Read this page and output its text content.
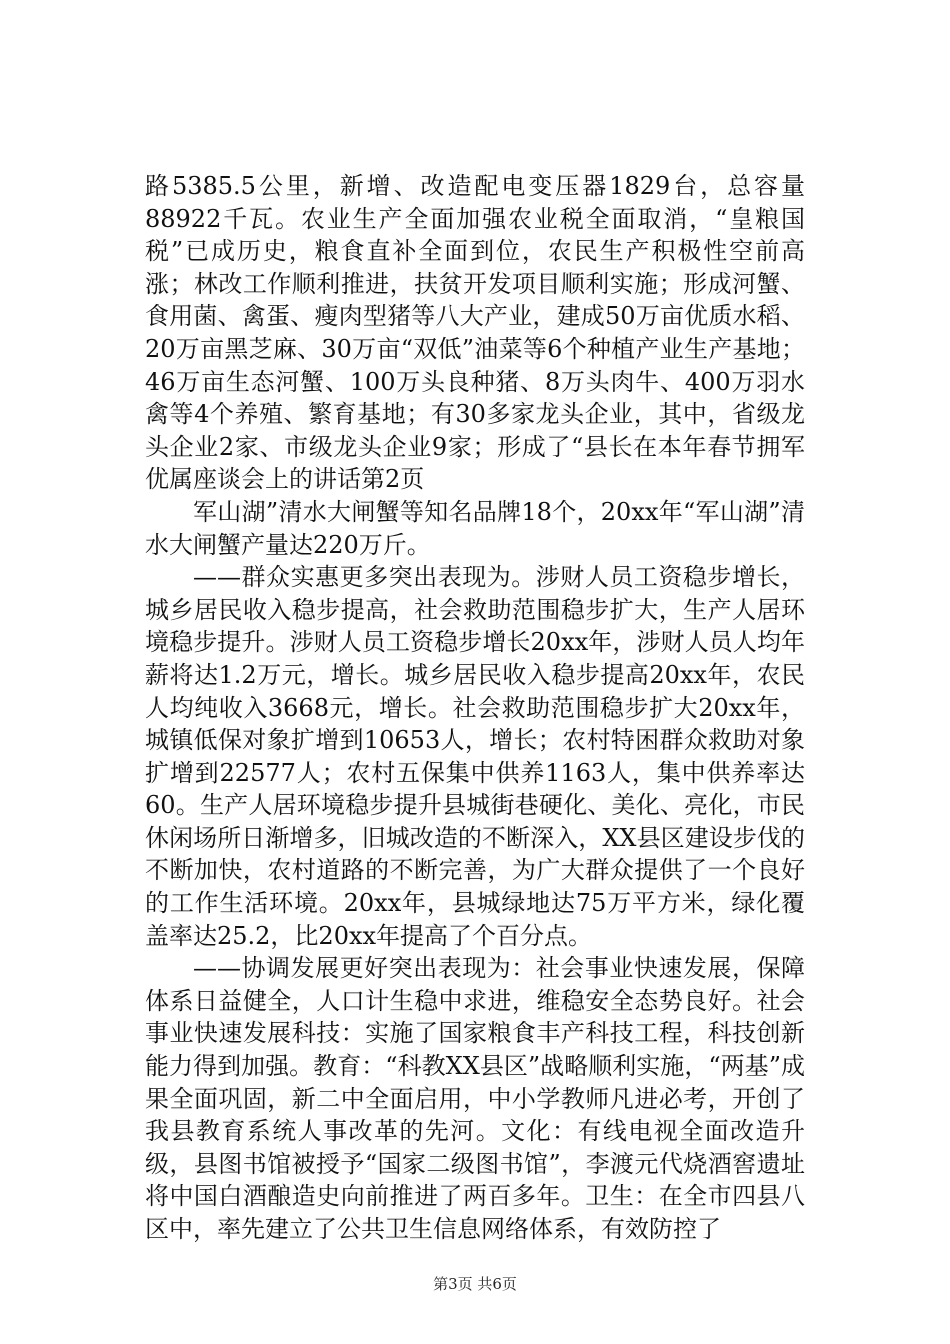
路5385.5公里，新增、改造配电变压器1829台，总容量88922千瓦。农业生产全面加强农业税全面取消，“皇粮国税”已成历史，粮食直补全面到位，农民生产积极性空前高涨；林改工作顺利推进，扶贫开发项目顺利实施；形成河蟹、食用菌、禽蛋、瘦肉型猪等八大产业，建成50万亩优质水稻、20万亩黑芝麻、30万亩“双低”油菜等6个种植产业生产基地；46万亩生态河蟹、100万头良种猪、8万头肉牛、400万羽水禽等4个养殖、繁育基地；有30多家龙头企业，其中，省级龙头企业2家、市级龙头企业9家；形成了“县长在本年春节拥军优属座谈会上的讲话第2页

军山湖”清水大闸蟹等知名品牌18个，20xx年“军山湖”清水大闸蟹产量达220万斤。

——群众实惠更多突出表现为。涉财人员工资稳步增长，城乡居民收入稳步提高，社会救助范围稳步扩大，生产人居环境稳步提升。涉财人员工资稳步增长20xx年，涉财人员人均年薪将达1.2万元，增长。城乡居民收入稳步提高20xx年，农民人均纯收入3668元，增长。社会救助范围稳步扩大20xx年，城镇低保对象扩增到10653人，增长；农村特困群众救助对象扩增到22577人；农村五保集中供养1163人，集中供养率达60。生产人居环境稳步提升县城街巷硬化、美化、亮化，市民休闲场所日渐增多，旧城改造的不断深入，XX县区建设步伐的不断加快，农村道路的不断完善，为广大群众提供了一个良好的工作生活环境。20xx年，县城绿地达75万平方米，绿化覆盖率达25.2，比20xx年提高了个百分点。

——协调发展更好突出表现为：社会事业快速发展，保障体系日益健全，人口计生稳中求进，维稳安全态势良好。社会事业快速发展科技：实施了国家粮食丰产科技工程，科技创新能力得到加强。教育：“科教XX县区”战略顺利实施，“两基”成果全面巩固，新二中全面启用，中小学教师凡进必考，开创了我县教育系统人事改革的先河。文化：有线电视全面改造升级，县图书馆被授予“国家二级图书馆”，李渡元代烧酒窖遗址将中国白酒酿造史向前推进了两百多年。卫生：在全市四县八区中，率先建立了公共卫生信息网络体系，有效防控了

第3页 共6页
